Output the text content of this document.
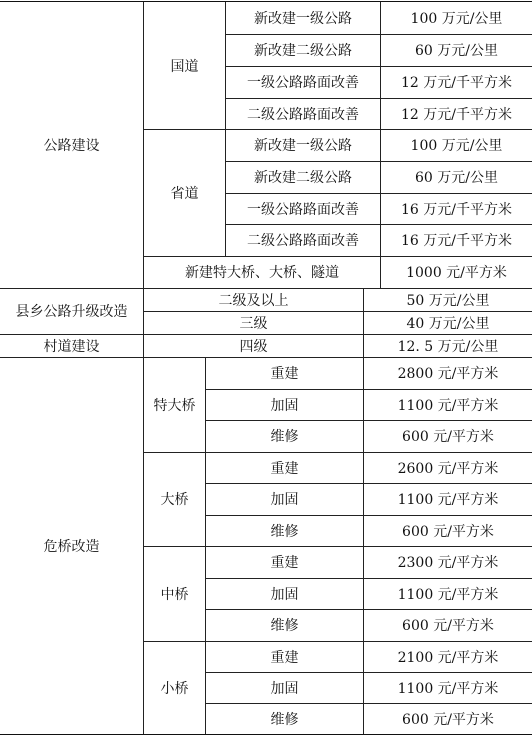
公路建设
国道
新改建一级公路	100 万元/公里
新改建二级公路	60 万元/公里
一级公路路面改善	12 万元/千平方米
二级公路路面改善	12 万元/千平方米
省道
新改建一级公路	100 万元/公里
新改建二级公路	60 万元/公里
一级公路路面改善	16 万元/千平方米
二级公路路面改善	16 万元/千平方米
新建特大桥、大桥、隧道	1000 元/平方米
县乡公路升级改造
二级及以上	50 万元/公里
三级	40 万元/公里
村道建设	四级	12. 5 万元/公里
危桥改造
特大桥
重建	2800 元/平方米
加固	1100 元/平方米
维修	600 元/平方米
大桥
重建	2600 元/平方米
加固	1100 元/平方米
维修	600 元/平方米
中桥
重建	2300 元/平方米
加固	1100 元/平方米
维修	600 元/平方米
小桥
重建	2100 元/平方米
加固	1100 元/平方米
维修	600 元/平方米
